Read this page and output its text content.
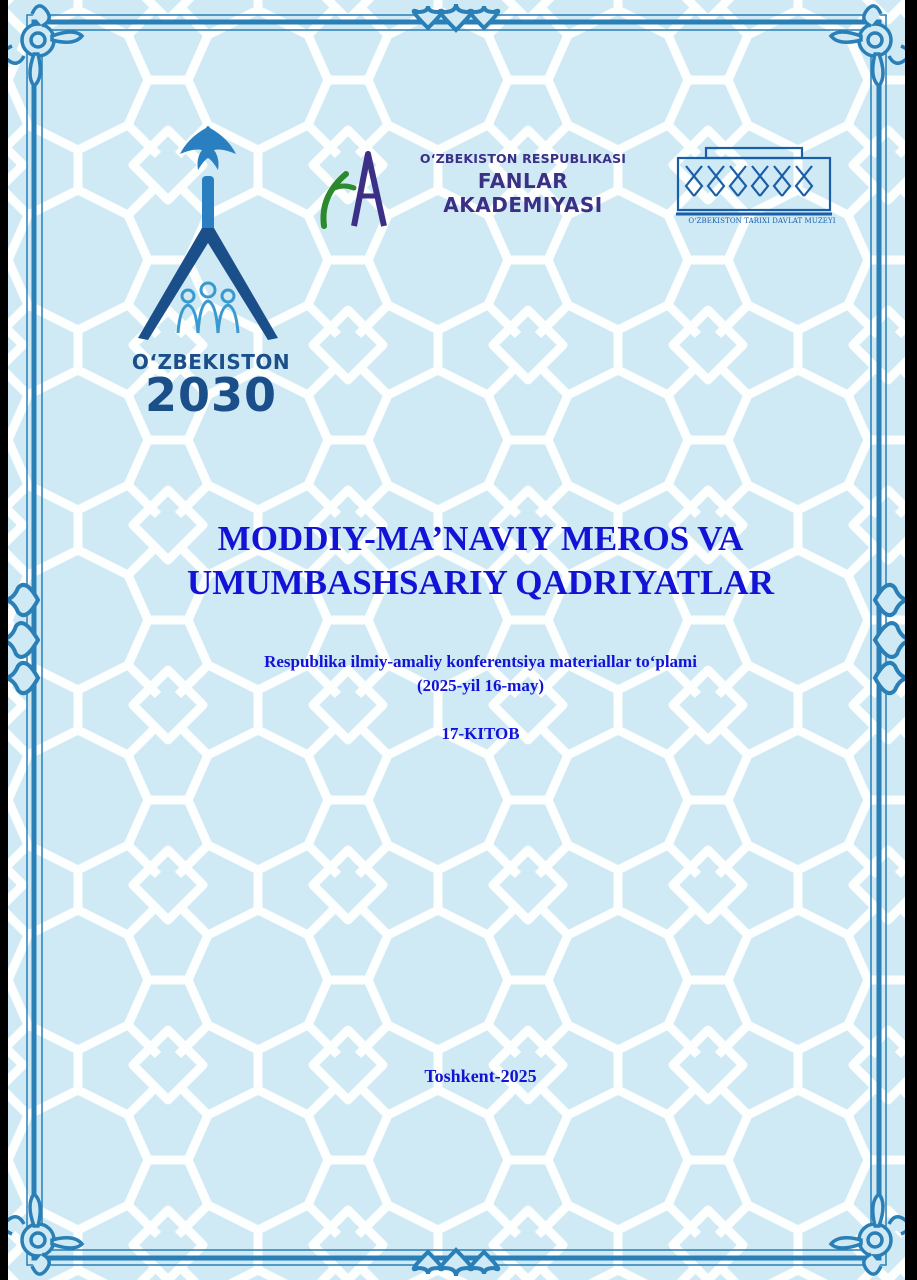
O‘ZBEKISTON
2030
O‘ZBEKISTON RESPUBLIKASI
FANLAR
AKADEMIYASI
O‘ZBEKISTON TARIXI DAVLAT MUZEYI
MODDIY-MA’NAVIY MEROS VA
UMUMBASHSARIY QADRIYATLAR

Respublika ilmiy-amaliy konferentsiya materiallar to‘plami

(2025-yil 16-may)

17-KITOB

Toshkent-2025
